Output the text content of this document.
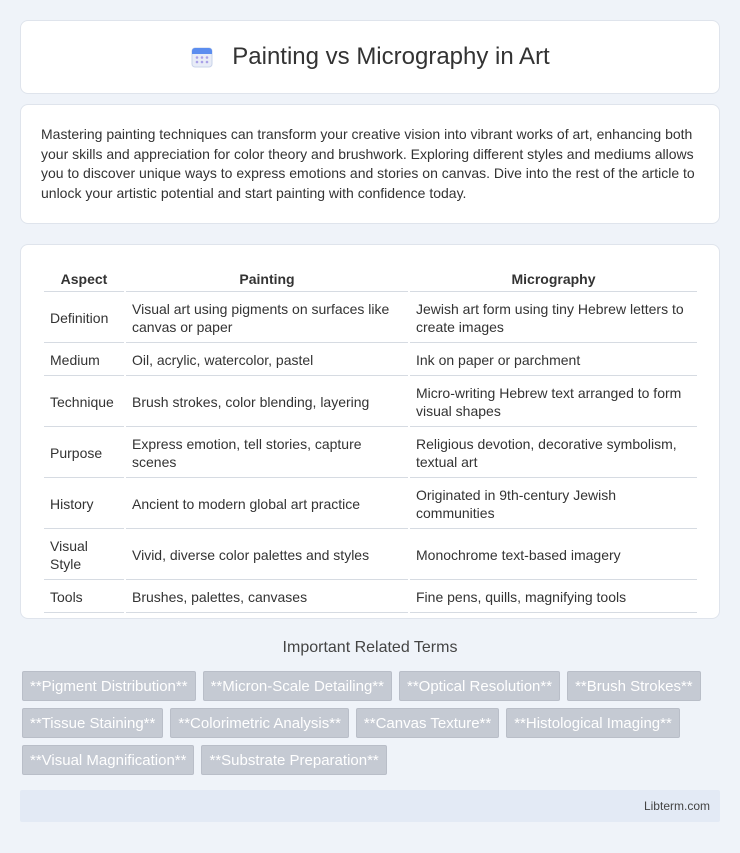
Painting vs Micrography in Art

Mastering painting techniques can transform your creative vision into vibrant works of art, enhancing both your skills and appreciation for color theory and brushwork. Exploring different styles and mediums allows you to discover unique ways to express emotions and stories on canvas. Dive into the rest of the article to unlock your artistic potential and start painting with confidence today.

Aspect	Painting	Micrography
Definition	Visual art using pigments on surfaces like canvas or paper	Jewish art form using tiny Hebrew letters to create images
Medium	Oil, acrylic, watercolor, pastel	Ink on paper or parchment
Technique	Brush strokes, color blending, layering	Micro-writing Hebrew text arranged to form visual shapes
Purpose	Express emotion, tell stories, capture scenes	Religious devotion, decorative symbolism, textual art
History	Ancient to modern global art practice	Originated in 9th-century Jewish communities
Visual Style	Vivid, diverse color palettes and styles	Monochrome text-based imagery
Tools	Brushes, palettes, canvases	Fine pens, quills, magnifying tools
Important Related Terms
**Pigment Distribution**	**Micron-Scale Detailing**	**Optical Resolution**	**Brush Strokes**
**Tissue Staining**	**Colorimetric Analysis**	**Canvas Texture**	**Histological Imaging**
**Visual Magnification**	**Substrate Preparation**
Libterm.com
